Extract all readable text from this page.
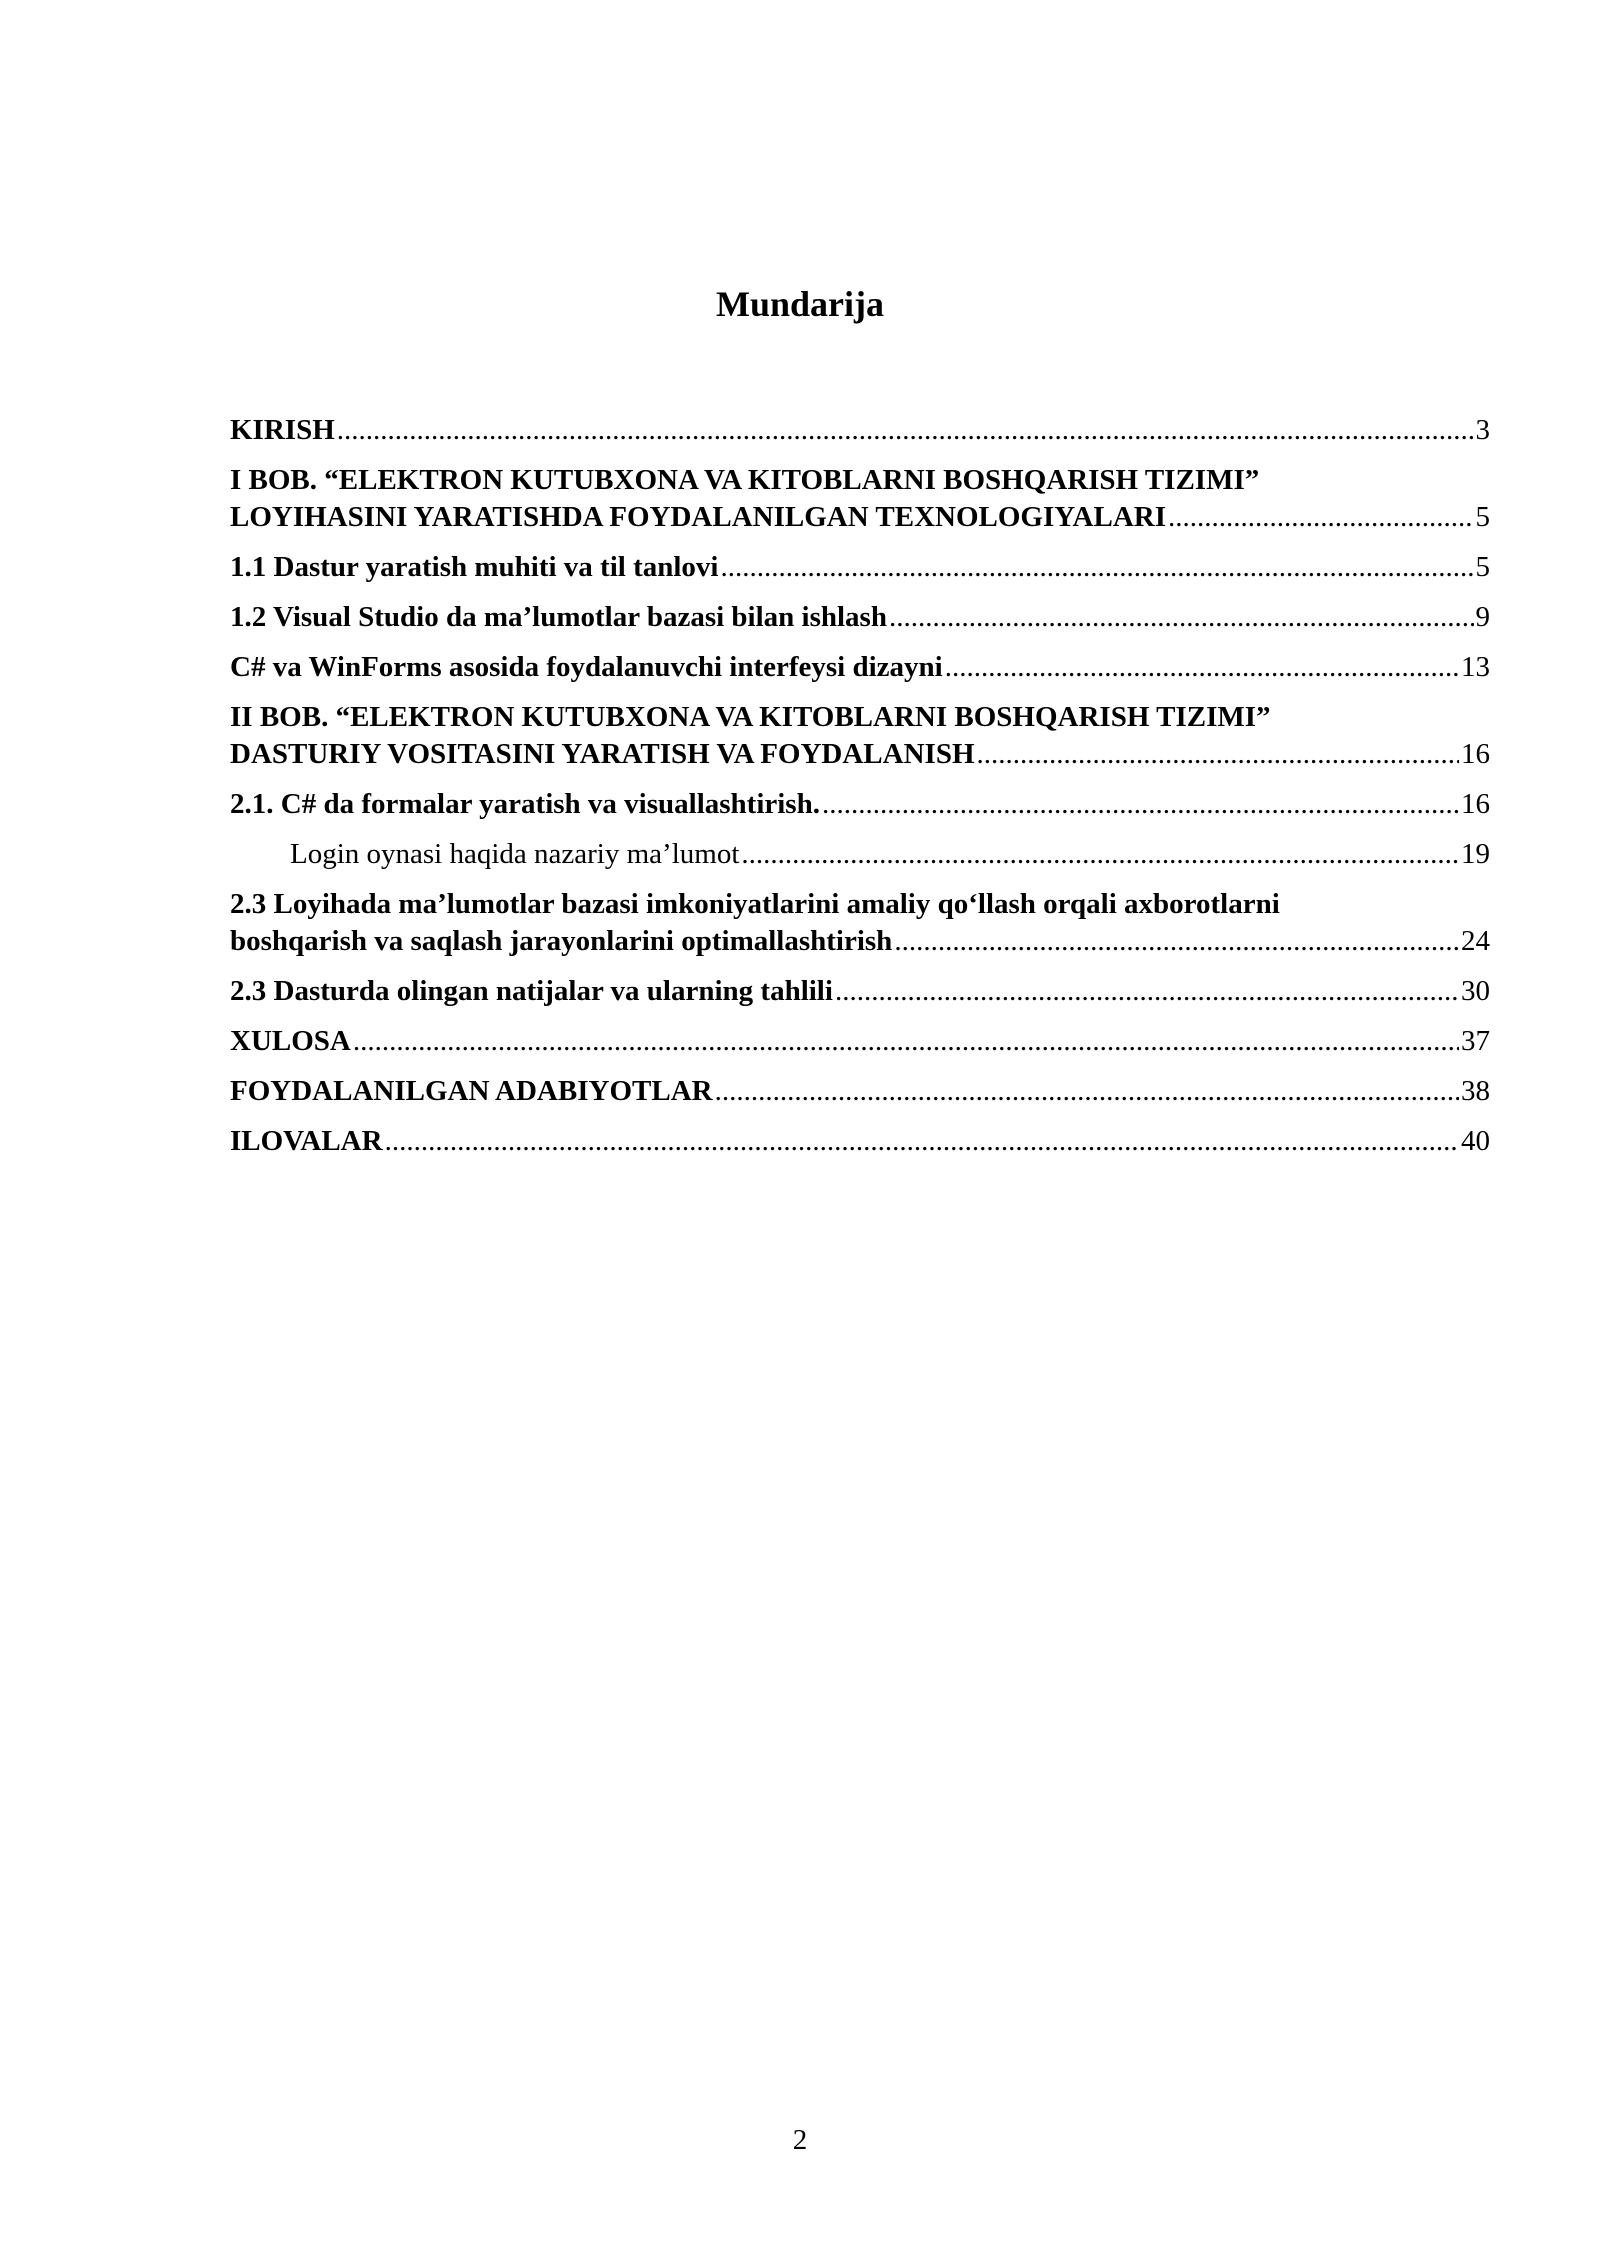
Mundarija
KIRISH .....	3
I BOB. “ELEKTRON KUTUBXONA VA KITOBLARNI BOSHQARISH TIZIMI”
LOYIHASINI YARATISHDA FOYDALANILGAN TEXNOLOGIYALARI .....	5
1.1 Dastur yaratish muhiti va til tanlovi .....	5
1.2 Visual Studio da ma’lumotlar bazasi bilan ishlash .....	9
C# va WinForms asosida foydalanuvchi interfeysi dizayni .....	13
II BOB. “ELEKTRON KUTUBXONA VA KITOBLARNI BOSHQARISH TIZIMI”
DASTURIY VOSITASINI YARATISH VA FOYDALANISH .....	16
2.1. C# da formalar yaratish va visuallashtirish. .....	16
Login oynasi haqida nazariy ma’lumot .....	19
2.3 Loyihada ma’lumotlar bazasi imkoniyatlarini amaliy qo‘llash orqali axborotlarni
boshqarish va saqlash jarayonlarini optimallashtirish .....	24
2.3 Dasturda olingan natijalar va ularning tahlili .....	30
XULOSA .....	37
FOYDALANILGAN ADABIYOTLAR .....	38
ILOVALAR .....	40
2
